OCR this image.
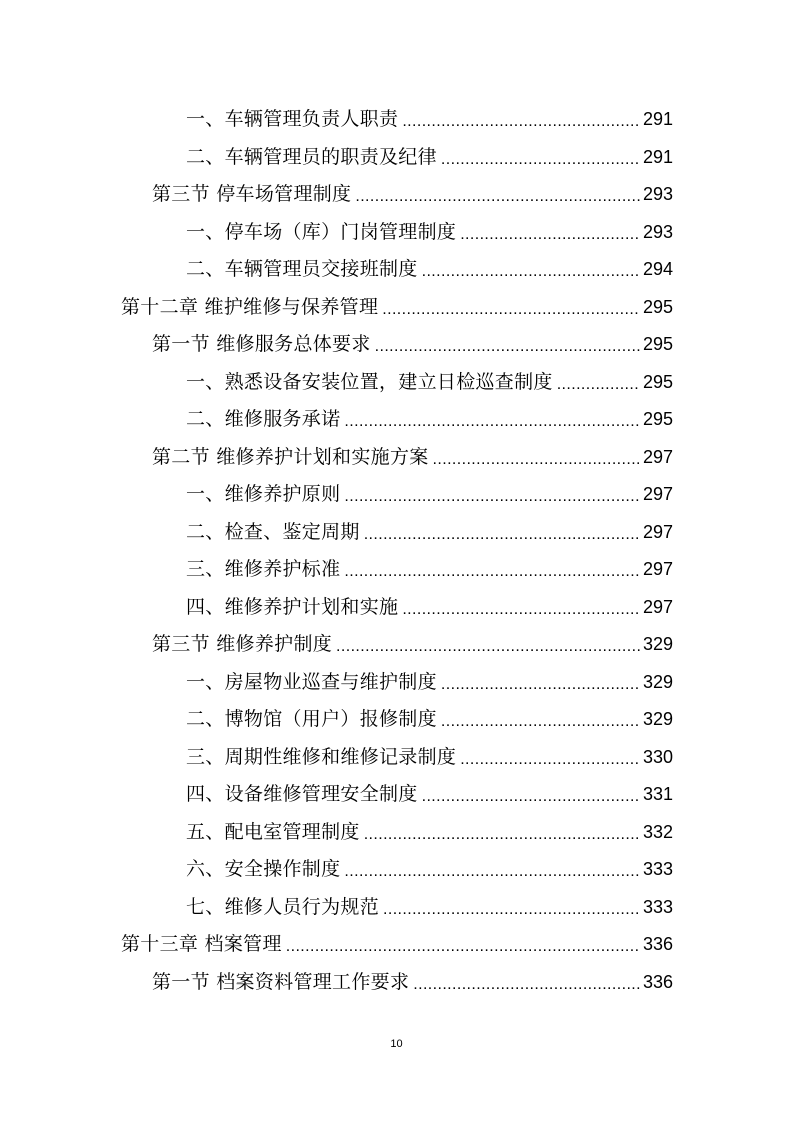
一、车辆管理负责人职责 .....	291
二、车辆管理员的职责及纪律 .....	291
第三节 停车场管理制度 .....	293
一、停车场（库）门岗管理制度 .....	293
二、车辆管理员交接班制度 .....	294
第十二章 维护维修与保养管理 .....	295
第一节 维修服务总体要求 .....	295
一、熟悉设备安装位置，建立日检巡查制度 .....	295
二、维修服务承诺 .....	295
第二节 维修养护计划和实施方案 .....	297
一、维修养护原则 .....	297
二、检查、鉴定周期 .....	297
三、维修养护标准 .....	297
四、维修养护计划和实施 .....	297
第三节 维修养护制度 .....	329
一、房屋物业巡查与维护制度 .....	329
二、博物馆（用户）报修制度 .....	329
三、周期性维修和维修记录制度 .....	330
四、设备维修管理安全制度 .....	331
五、配电室管理制度 .....	332
六、安全操作制度 .....	333
七、维修人员行为规范 .....	333
第十三章 档案管理 .....	336
第一节 档案资料管理工作要求 .....	336
10
